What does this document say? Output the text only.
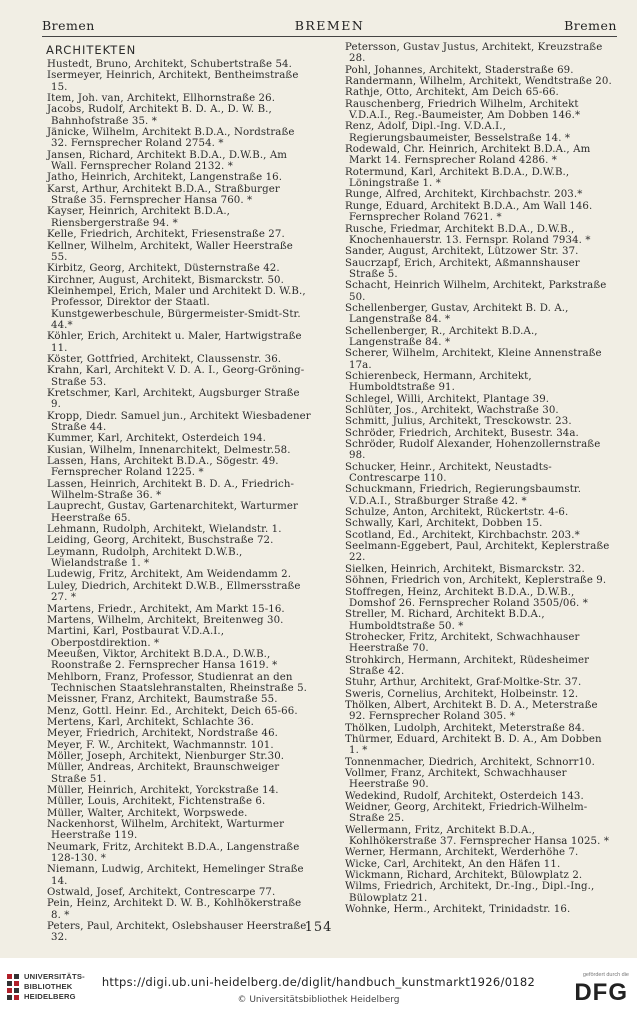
Bremen	BREMEN	Bremen
ARCHITEKTEN
Hustedt, Bruno, Architekt, Schubertstraße 54.
Isermeyer, Heinrich, Architekt, Bentheimstraße 15.
Item, Joh. van, Architekt, Ellhornstraße 26.
Jacobs, Rudolf, Architekt B. D. A., D. W. B., Bahnhofstraße 35. *
Jänicke, Wilhelm, Architekt B.D.A., Nordstraße 32. Fernsprecher Roland 2754. *
Jansen, Richard, Architekt B.D.A., D.W.B., Am Wall. Fernsprecher Roland 2132. *
Jatho, Heinrich, Architekt, Langenstraße 16.
Karst, Arthur, Architekt B.D.A., Straßburger Straße 35. Fernsprecher Hansa 760. *
Kayser, Heinrich, Architekt B.D.A., Riensbergerstraße 94. *
Kelle, Friedrich, Architekt, Friesenstraße 27.
Kellner, Wilhelm, Architekt, Waller Heerstraße 55.
Kirbitz, Georg, Architekt, Düsternstraße 42.
Kirchner, August, Architekt, Bismarckstr. 50.
Kleinhempel, Erich, Maler und Architekt D. W.B., Professor, Direktor der Staatl. Kunstgewerbeschule, Bürgermeister-Smidt-Str. 44.*
Köhler, Erich, Architekt u. Maler, Hartwigstraße 11.
Köster, Gottfried, Architekt, Claussenstr. 36.
Krahn, Karl, Architekt V. D. A. I., Georg-Gröning-Straße 53.
Kretschmer, Karl, Architekt, Augsburger Straße 9.
Kropp, Diedr. Samuel jun., Architekt Wiesbadener Straße 44.
Kummer, Karl, Architekt, Osterdeich 194.
Kusian, Wilhelm, Innenarchitekt, Delmestr.58.
Lassen, Hans, Architekt B.D.A., Sögestr. 49. Fernsprecher Roland 1225. *
Lassen, Heinrich, Architekt B. D. A., Friedrich-Wilhelm-Straße 36. *
Lauprecht, Gustav, Gartenarchitekt, Warturmer Heerstraße 65.
Lehmann, Rudolph, Architekt, Wielandstr. 1.
Leiding, Georg, Architekt, Buschstraße 72.
Leymann, Rudolph, Architekt D.W.B., Wielandstraße 1. *
Ludewig, Fritz, Architekt, Am Weidendamm 2.
Luley, Diedrich, Architekt D.W.B., Ellmersstraße 27. *
Martens, Friedr., Architekt, Am Markt 15-16.
Martens, Wilhelm, Architekt, Breitenweg 30.
Martini, Karl, Postbaurat V.D.A.I., Oberpostdirektion. *
Meeußen, Viktor, Architekt B.D.A., D.W.B., Roonstraße 2. Fernsprecher Hansa 1619. *
Mehlborn, Franz, Professor, Studienrat an den Technischen Staatslehranstalten, Rheinstraße 5.
Meissner, Franz, Architekt, Baumstraße 55.
Menz, Gottl. Heinr. Ed., Architekt, Deich 65-66.
Mertens, Karl, Architekt, Schlachte 36.
Meyer, Friedrich, Architekt, Nordstraße 46.
Meyer, F. W., Architekt, Wachmannstr. 101.
Möller, Joseph, Architekt, Nienburger Str.30.
Müller, Andreas, Architekt, Braunschweiger Straße 51.
Müller, Heinrich, Architekt, Yorckstraße 14.
Müller, Louis, Architekt, Fichtenstraße 6.
Müller, Walter, Architekt, Worpswede.
Nackenhorst, Wilhelm, Architekt, Warturmer Heerstraße 119.
Neumark, Fritz, Architekt B.D.A., Langenstraße 128-130. *
Niemann, Ludwig, Architekt, Hemelinger Straße 14.
Ostwald, Josef, Architekt, Contrescarpe 77.
Pein, Heinz, Architekt D. W. B., Kohlhökerstraße 8. *
Peters, Paul, Architekt, Oslebshauser Heerstraße 32.
Petersson, Gustav Justus, Architekt, Kreuzstraße 28.
Pohl, Johannes, Architekt, Staderstraße 69.
Randermann, Wilhelm, Architekt, Wendtstraße 20.
Rathje, Otto, Architekt, Am Deich 65-66.
Rauschenberg, Friedrich Wilhelm, Architekt V.D.A.I., Reg.-Baumeister, Am Dobben 146.*
Renz, Adolf, Dipl.-Ing. V.D.A.I., Regierungsbaumeister, Besselstraße 14. *
Rodewald, Chr. Heinrich, Architekt B.D.A., Am Markt 14. Fernsprecher Roland 4286. *
Rotermund, Karl, Architekt B.D.A., D.W.B., Löningstraße 1. *
Runge, Alfred, Architekt, Kirchbachstr. 203.*
Runge, Eduard, Architekt B.D.A., Am Wall 146. Fernsprecher Roland 7621. *
Rusche, Friedmar, Architekt B.D.A., D.W.B., Knochenhauerstr. 13. Fernspr. Roland 7934. *
Sander, August, Architekt, Lützower Str. 37.
Saucrzapf, Erich, Architekt, Aßmannshauser Straße 5.
Schacht, Heinrich Wilhelm, Architekt, Parkstraße 50.
Schellenberger, Gustav, Architekt B. D. A., Langenstraße 84. *
Schellenberger, R., Architekt B.D.A., Langenstraße 84. *
Scherer, Wilhelm, Architekt, Kleine Annenstraße 17a.
Schierenbeck, Hermann, Architekt, Humboldtstraße 91.
Schlegel, Willi, Architekt, Plantage 39.
Schlüter, Jos., Architekt, Wachstraße 30.
Schmitt, Julius, Architekt, Tresckowstr. 23.
Schröder, Friedrich, Architekt, Busestr. 34a.
Schröder, Rudolf Alexander, Hohenzollernstraße 98.
Schucker, Heinr., Architekt, Neustadts-Contrescarpe 110.
Schuckmann, Friedrich, Regierungsbaumstr. V.D.A.I., Straßburger Straße 42. *
Schulze, Anton, Architekt, Rückertstr. 4-6.
Schwally, Karl, Architekt, Dobben 15.
Scotland, Ed., Architekt, Kirchbachstr. 203.*
Seelmann-Eggebert, Paul, Architekt, Keplerstraße 22.
Sielken, Heinrich, Architekt, Bismarckstr. 32.
Söhnen, Friedrich von, Architekt, Keplerstraße 9.
Stoffregen, Heinz, Architekt B.D.A., D.W.B., Domshof 26. Fernsprecher Roland 3505/06. *
Streller, M. Richard, Architekt B.D.A., Humboldtstraße 50. *
Strohecker, Fritz, Architekt, Schwachhauser Heerstraße 70.
Strohkirch, Hermann, Architekt, Rüdesheimer Straße 42.
Stuhr, Arthur, Architekt, Graf-Moltke-Str. 37.
Sweris, Cornelius, Architekt, Holbeinstr. 12.
Thölken, Albert, Architekt B. D. A., Meterstraße 92. Fernsprecher Roland 305. *
Thölken, Ludolph, Architekt, Meterstraße 84.
Thürmer, Eduard, Architekt B. D. A., Am Dobben 1. *
Tonnenmacher, Diedrich, Architekt, Schnorr10.
Vollmer, Franz, Architekt, Schwachhauser Heerstraße 90.
Wedekind, Rudolf, Architekt, Osterdeich 143.
Weidner, Georg, Architekt, Friedrich-Wilhelm-Straße 25.
Wellermann, Fritz, Architekt B.D.A., Kohlhökerstraße 37. Fernsprecher Hansa 1025. *
Werner, Hermann, Architekt, Werderhöhe 7.
Wicke, Carl, Architekt, An den Häfen 11.
Wickmann, Richard, Architekt, Bülowplatz 2.
Wilms, Friedrich, Architekt, Dr.-Ing., Dipl.-Ing., Bülowplatz 21.
Wohnke, Herm., Architekt, Trinidadstr. 16.
154
UNIVERSITÄTS-
BIBLIOTHEK
HEIDELBERG
https://digi.ub.uni-heidelberg.de/diglit/handbuch_kunstmarkt1926/0182
© Universitätsbibliothek Heidelberg
gefördert durch die
DFG
